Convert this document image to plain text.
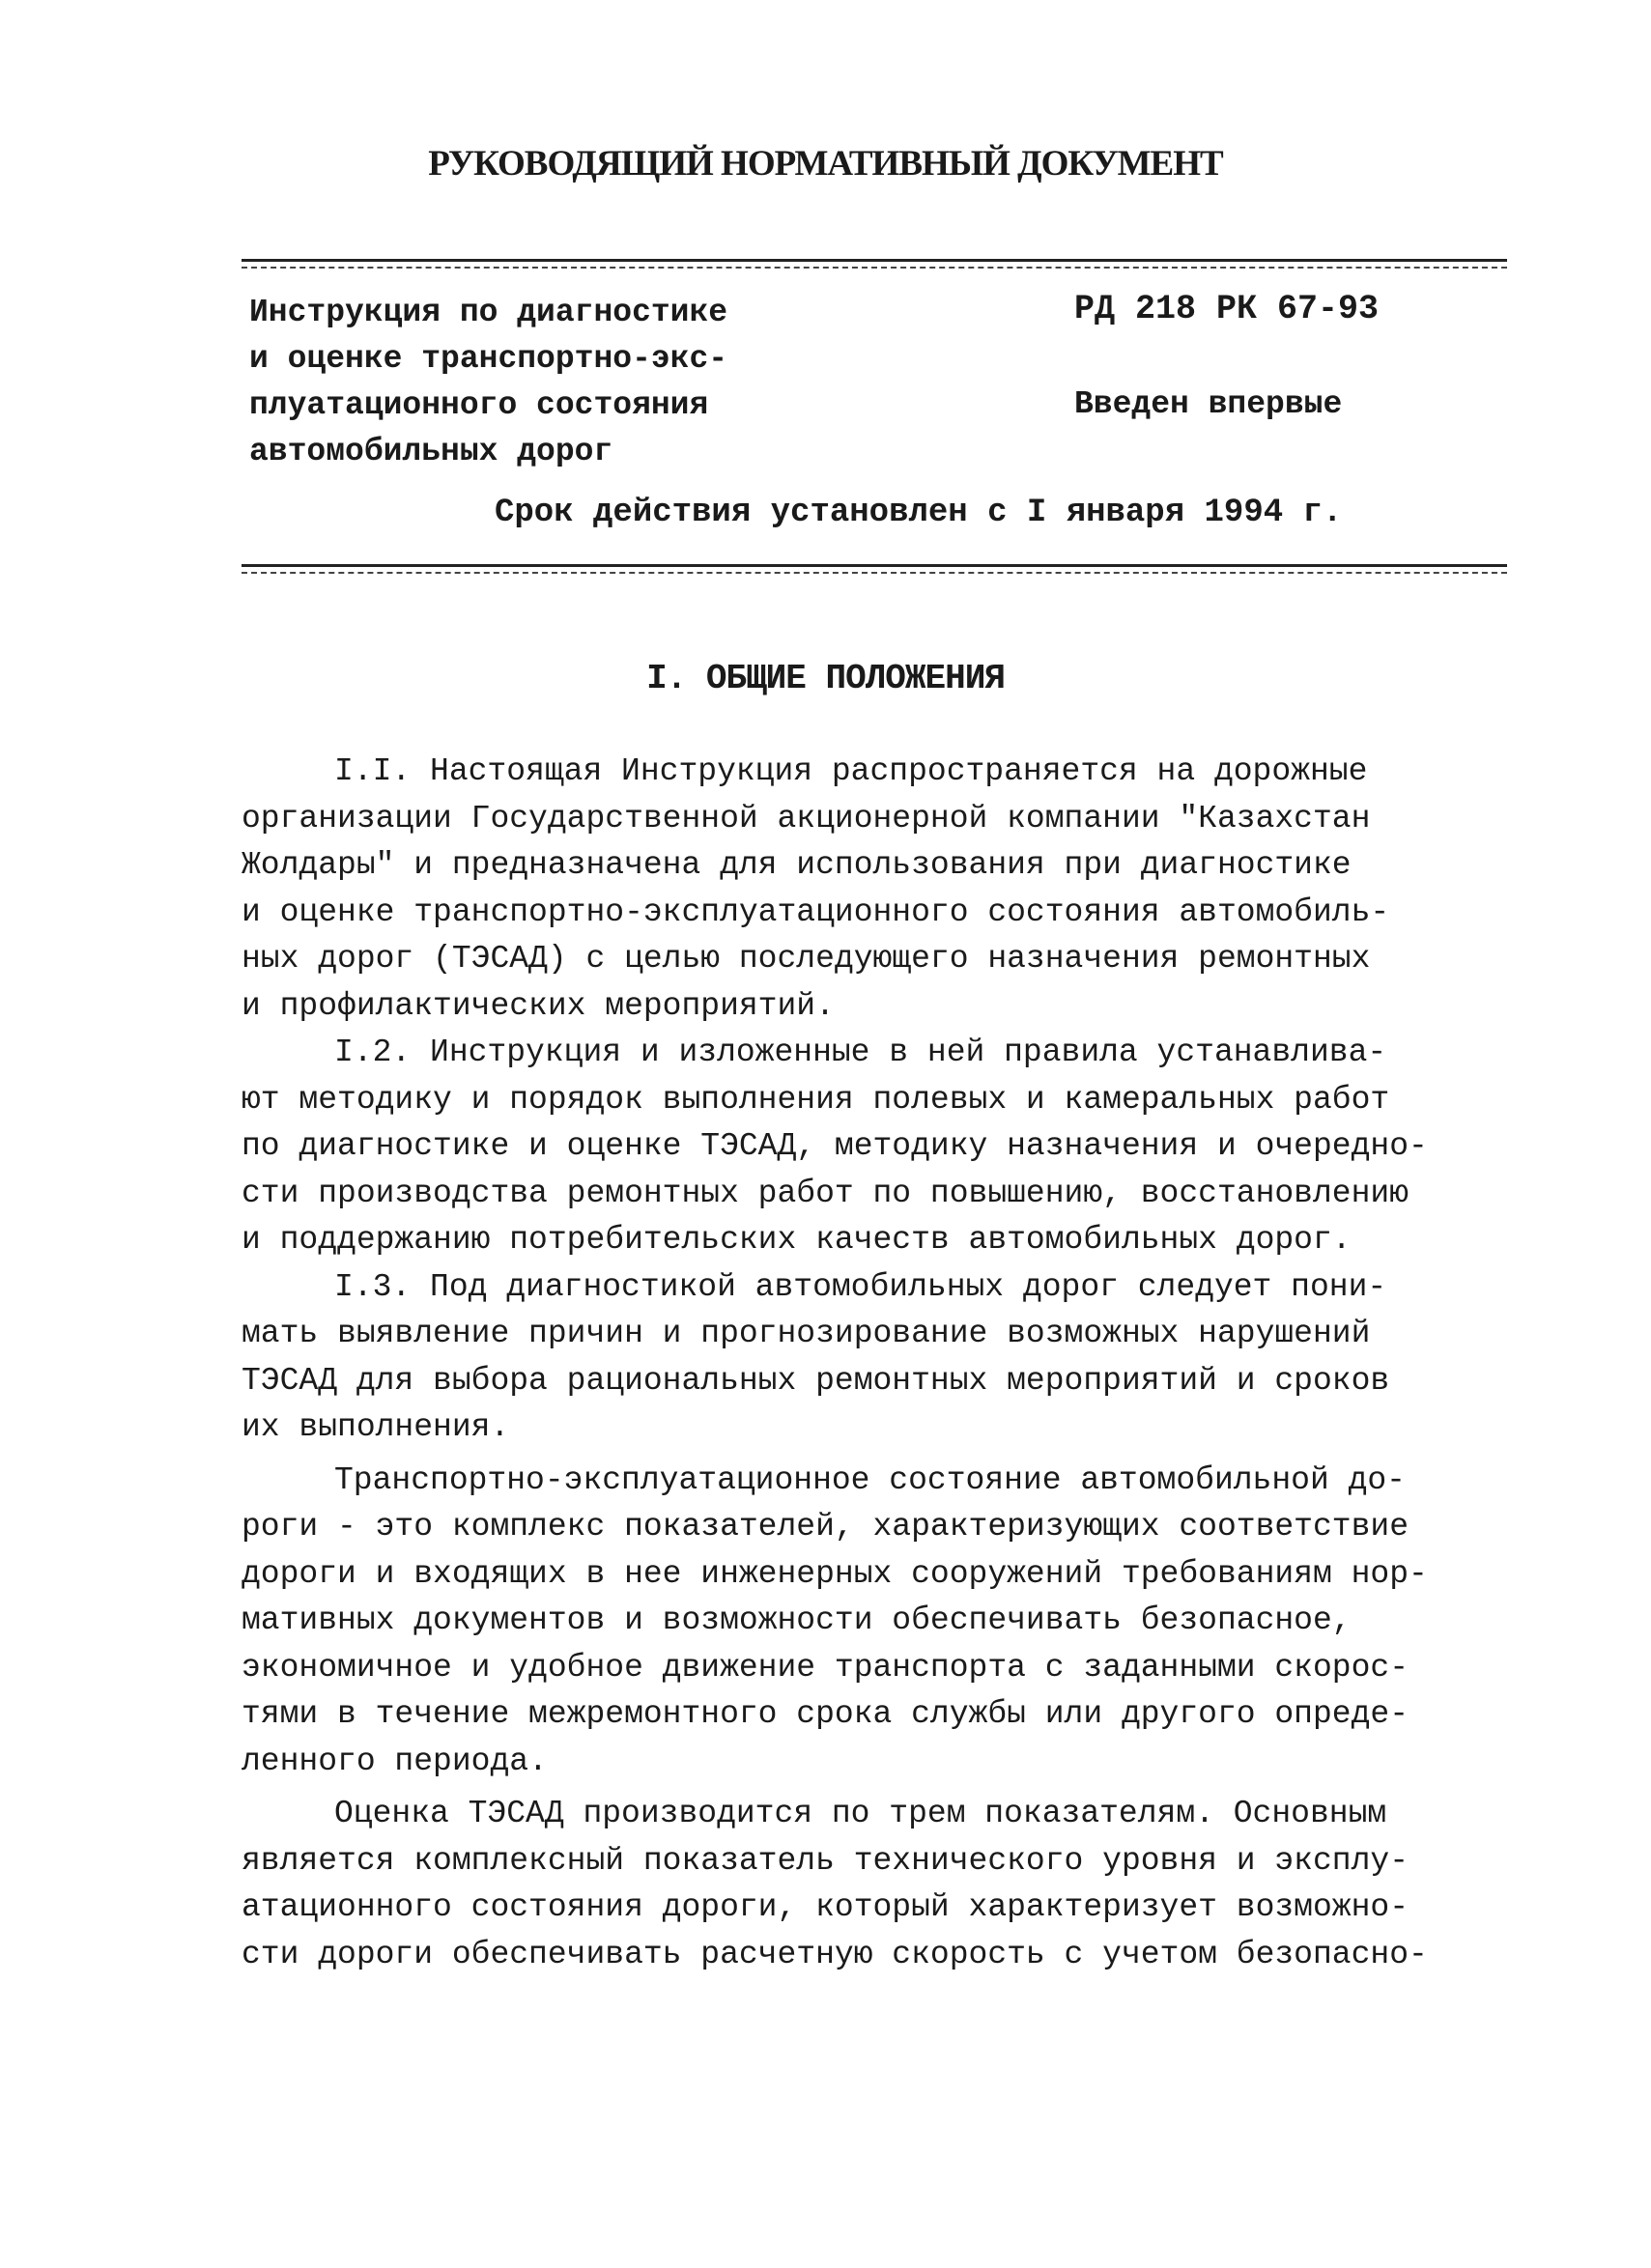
РУКОВОДЯЩИЙ НОРМАТИВНЫЙ ДОКУМЕНТ
Инструкция по диагностике
и оценке транспортно-экс-
плуатационного состояния
автомобильных дорог
РД 218 РК 67-93
Введен впервые
Срок действия установлен с I января 1994 г.
I. ОБЩИЕ ПОЛОЖЕНИЯ
I.I. Настоящая Инструкция распространяется на дорожные
организации Государственной акционерной компании "Казахстан
Жолдары" и предназначена для использования при диагностике
и оценке транспортно-эксплуатационного состояния автомобиль-
ных дорог (ТЭСАД) с целью последующего назначения ремонтных
и профилактических мероприятий.
I.2. Инструкция и изложенные в ней правила устанавлива-
ют методику и порядок выполнения полевых и камеральных работ
по диагностике и оценке ТЭСАД, методику назначения и очередно-
сти производства ремонтных работ по повышению, восстановлению
и поддержанию потребительских качеств автомобильных дорог.
I.3. Под диагностикой автомобильных дорог следует пони-
мать выявление причин и прогнозирование возможных нарушений
ТЭСАД для выбора рациональных ремонтных мероприятий и сроков
их выполнения.
Транспортно-эксплуатационное состояние автомобильной до-
роги - это комплекс показателей, характеризующих соответствие
дороги и входящих в нее инженерных сооружений требованиям нор-
мативных документов и возможности обеспечивать безопасное,
экономичное и удобное движение транспорта с заданными скорос-
тями в течение межремонтного срока службы или другого опреде-
ленного периода.
Оценка ТЭСАД производится по трем показателям. Основным
является комплексный показатель технического уровня и эксплу-
атационного состояния дороги, который характеризует возможно-
сти дороги обеспечивать расчетную скорость с учетом безопасно-
